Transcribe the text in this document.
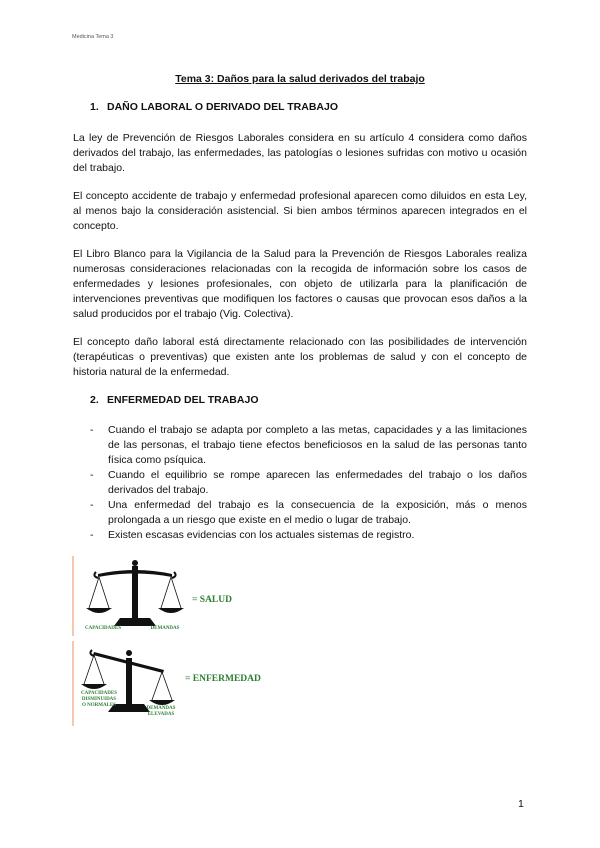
Medicina Tema 3
Tema 3: Daños para la salud derivados del trabajo
1. DAÑO LABORAL O DERIVADO DEL TRABAJO

La ley de Prevención de Riesgos Laborales considera en su artículo 4 considera como daños derivados del trabajo, las enfermedades, las patologías o lesiones sufridas con motivo u ocasión del trabajo.

El concepto accidente de trabajo y enfermedad profesional aparecen como diluidos en esta Ley, al menos bajo la consideración asistencial. Si bien ambos términos aparecen integrados en el concepto.

El Libro Blanco para la Vigilancia de la Salud para la Prevención de Riesgos Laborales realiza numerosas consideraciones relacionadas con la recogida de información sobre los casos de enfermedades y lesiones profesionales, con objeto de utilizarla para la planificación de intervenciones preventivas que modifiquen los factores o causas que provocan esos daños a la salud producidos por el trabajo (Vig. Colectiva).

El concepto daño laboral está directamente relacionado con las posibilidades de intervención (terapéuticas o preventivas) que existen ante los problemas de salud y con el concepto de historia natural de la enfermedad.

2. ENFERMEDAD DEL TRABAJO
- Cuando el trabajo se adapta por completo a las metas, capacidades y a las limitaciones de las personas, el trabajo tiene efectos beneficiosos en la salud de las personas tanto física como psíquica.
- Cuando el equilibrio se rompe aparecen las enfermedades del trabajo o los daños derivados del trabajo.
- Una enfermedad del trabajo es la consecuencia de la exposición, más o menos prolongada a un riesgo que existe en el medio o lugar de trabajo.
- Existen escasas evidencias con los actuales sistemas de registro.
CAPACIDADES	DEMANDAS
= SALUD
CAPACIDADES
DISMINUIDAS
O NORMALES
DEMANDAS
ELEVADAS
= ENFERMEDAD
1
